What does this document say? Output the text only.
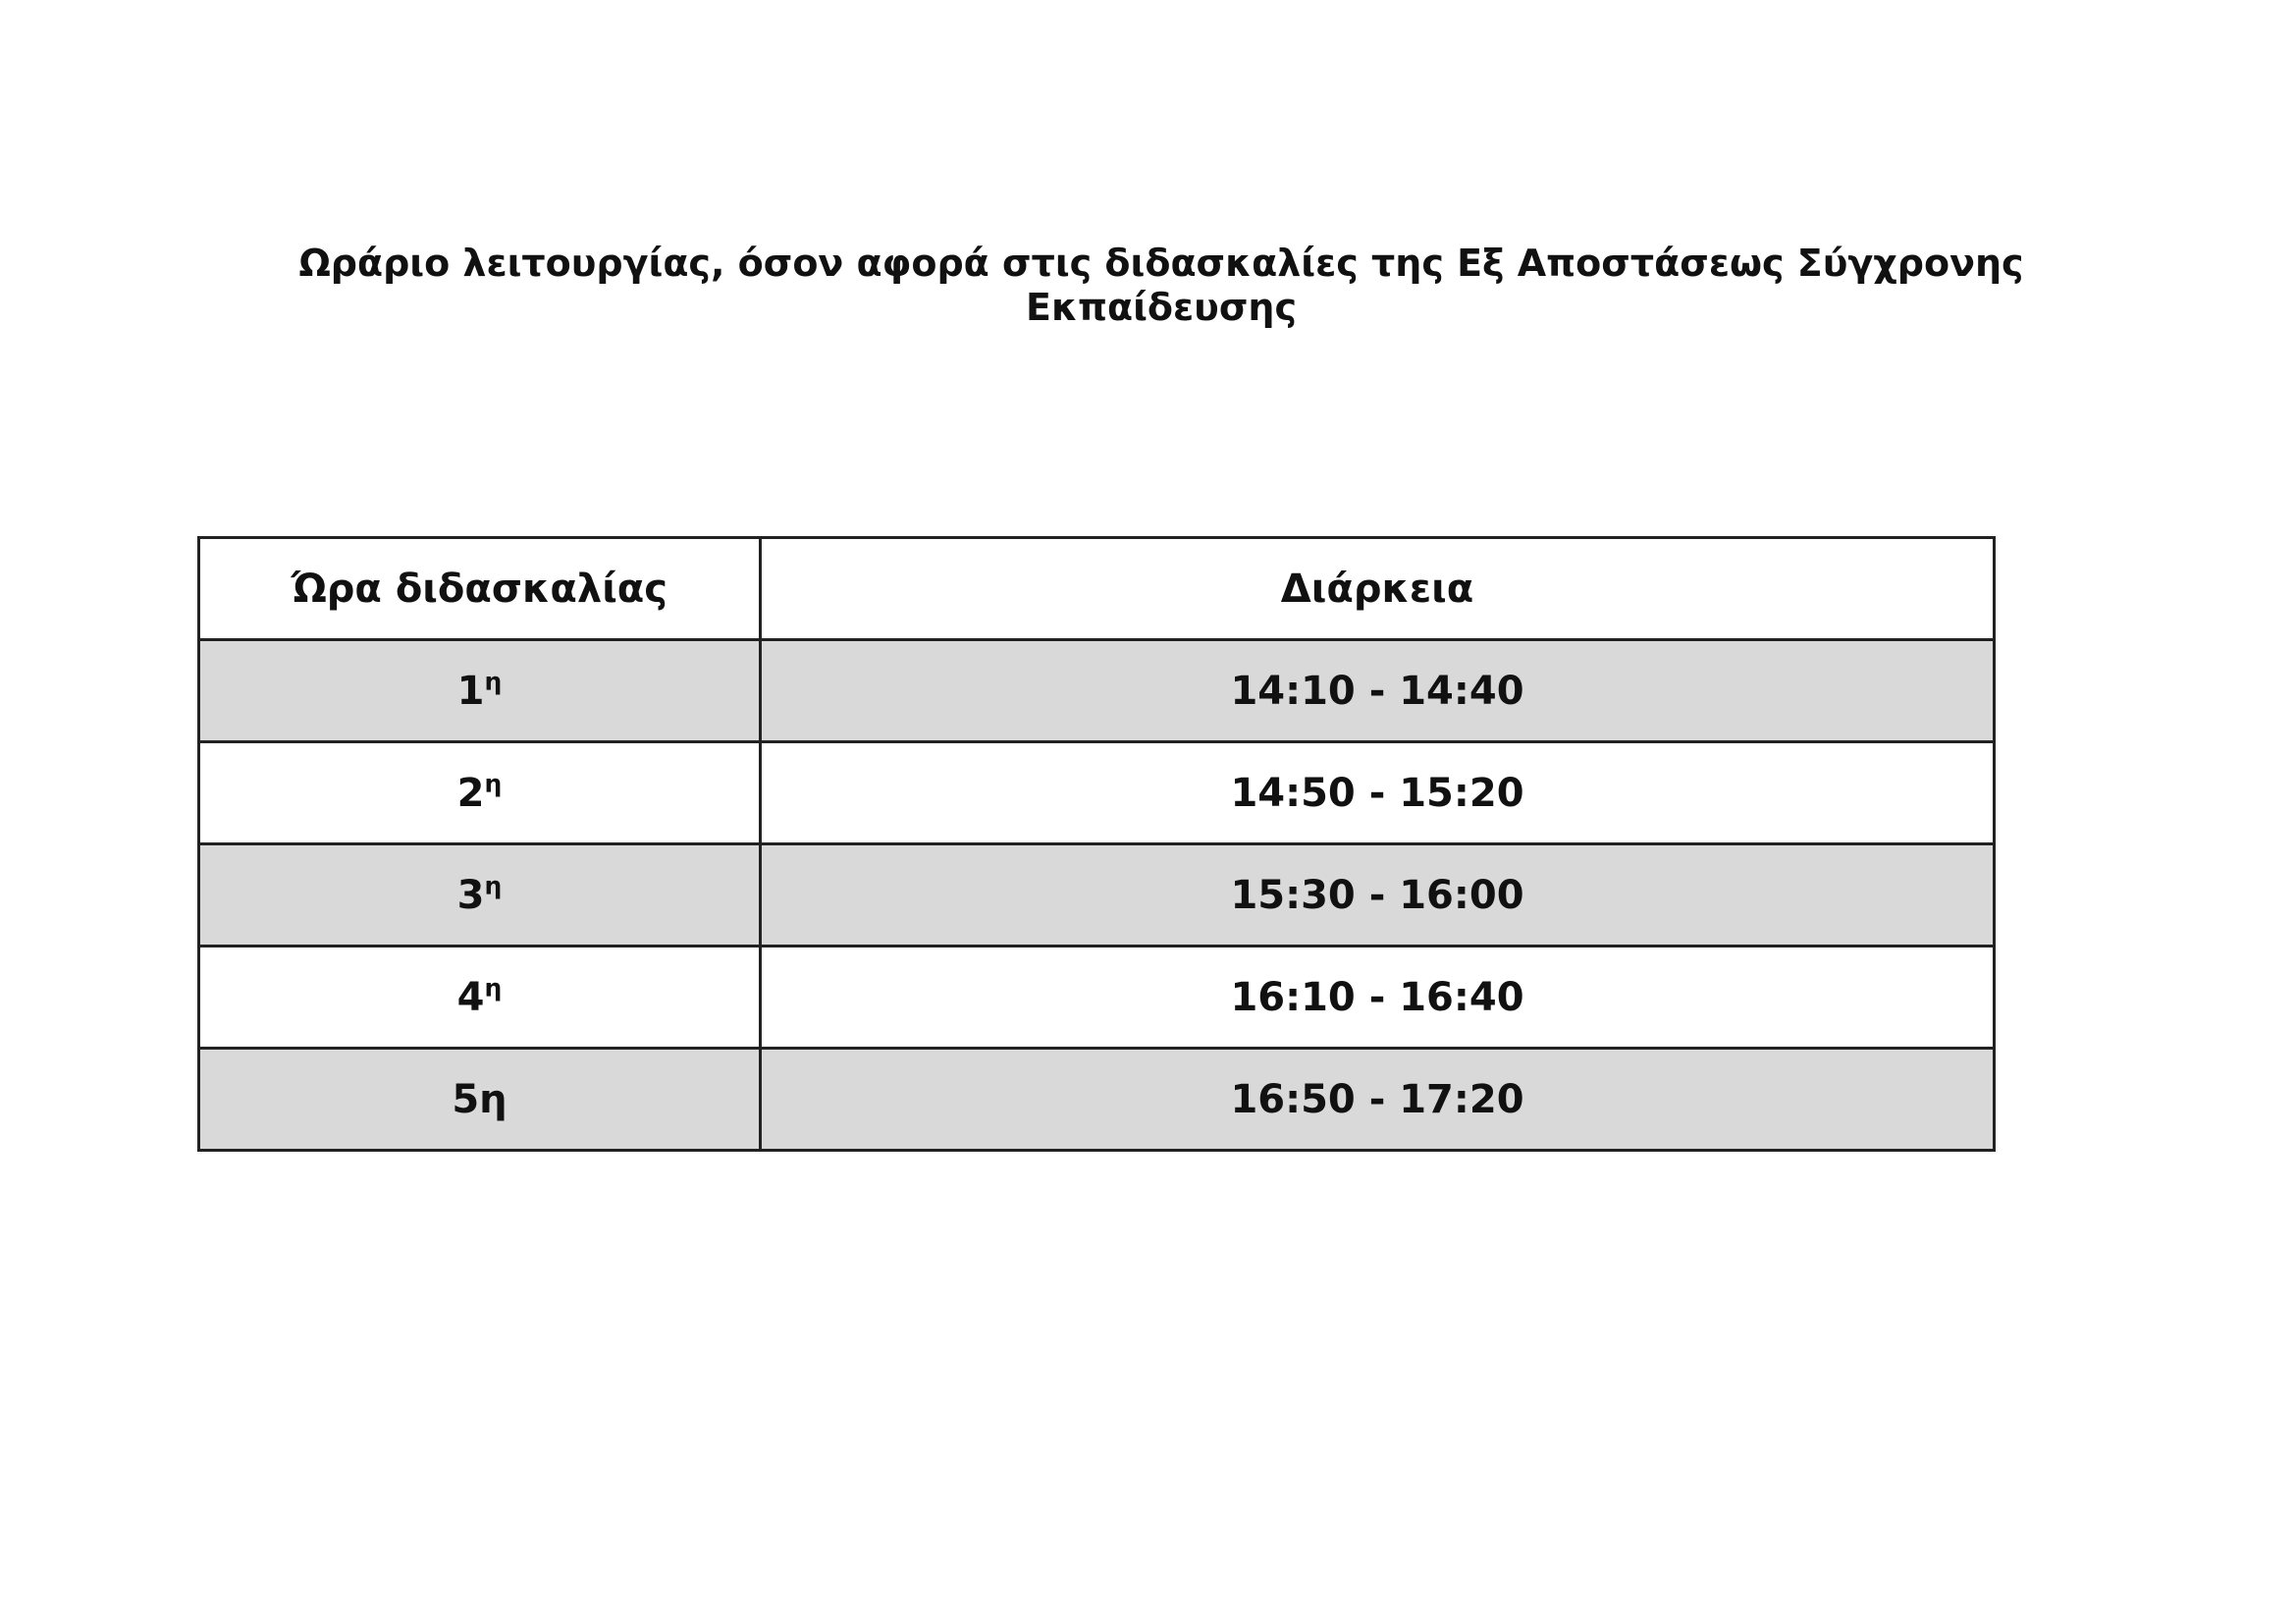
Ωράριο λειτουργίας, όσον αφορά στις διδασκαλίες της Εξ Αποστάσεως Σύγχρονης
Εκπαίδευσης
Ώρα διδασκαλίας	Διάρκεια
$1^\eta$	14:10 - 14:40
$2^\eta$	14:50 - 15:20
$3^\eta$	15:30 - 16:00
$4^\eta$	16:10 - 16:40
5η	16:50 - 17:20
